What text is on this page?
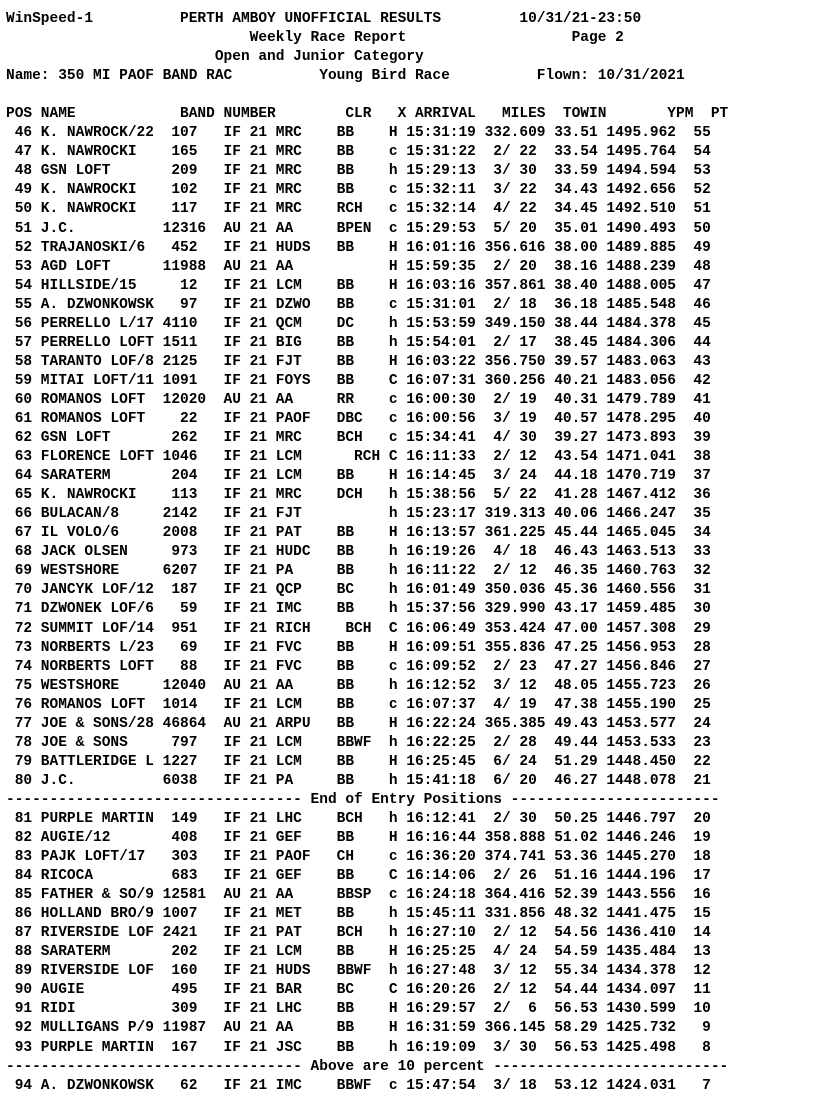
WinSpeed-1          PERTH AMBOY UNOFFICIAL RESULTS         10/31/21-23:50
Weekly Race Report                   Page 2
Open and Junior Category
Name: 350 MI PAOF BAND RAC          Young Bird Race          Flown: 10/31/2021

POS NAME            BAND NUMBER        CLR   X ARRIVAL   MILES  TOWIN       YPM  PT
46 K. NAWROCK/22  107   IF 21 MRC    BB    H 15:31:19 332.609 33.51 1495.962  55
47 K. NAWROCKI    165   IF 21 MRC    BB    c 15:31:22  2/ 22  33.54 1495.764  54
48 GSN LOFT       209   IF 21 MRC    BB    h 15:29:13  3/ 30  33.59 1494.594  53
49 K. NAWROCKI    102   IF 21 MRC    BB    c 15:32:11  3/ 22  34.43 1492.656  52
50 K. NAWROCKI    117   IF 21 MRC    RCH   c 15:32:14  4/ 22  34.45 1492.510  51
51 J.C.          12316  AU 21 AA     BPEN  c 15:29:53  5/ 20  35.01 1490.493  50
52 TRAJANOSKI/6   452   IF 21 HUDS   BB    H 16:01:16 356.616 38.00 1489.885  49
53 AGD LOFT      11988  AU 21 AA           H 15:59:35  2/ 20  38.16 1488.239  48
54 HILLSIDE/15     12   IF 21 LCM    BB    H 16:03:16 357.861 38.40 1488.005  47
55 A. DZWONKOWSK   97   IF 21 DZWO   BB    c 15:31:01  2/ 18  36.18 1485.548  46
56 PERRELLO L/17 4110   IF 21 QCM    DC    h 15:53:59 349.150 38.44 1484.378  45
57 PERRELLO LOFT 1511   IF 21 BIG    BB    h 15:54:01  2/ 17  38.45 1484.306  44
58 TARANTO LOF/8 2125   IF 21 FJT    BB    H 16:03:22 356.750 39.57 1483.063  43
59 MITAI LOFT/11 1091   IF 21 FOYS   BB    C 16:07:31 360.256 40.21 1483.056  42
60 ROMANOS LOFT  12020  AU 21 AA     RR    c 16:00:30  2/ 19  40.31 1479.789  41
61 ROMANOS LOFT    22   IF 21 PAOF   DBC   c 16:00:56  3/ 19  40.57 1478.295  40
62 GSN LOFT       262   IF 21 MRC    BCH   c 15:34:41  4/ 30  39.27 1473.893  39
63 FLORENCE LOFT 1046   IF 21 LCM      RCH C 16:11:33  2/ 12  43.54 1471.041  38
64 SARATERM       204   IF 21 LCM    BB    H 16:14:45  3/ 24  44.18 1470.719  37
65 K. NAWROCKI    113   IF 21 MRC    DCH   h 15:38:56  5/ 22  41.28 1467.412  36
66 BULACAN/8     2142   IF 21 FJT          h 15:23:17 319.313 40.06 1466.247  35
67 IL VOLO/6     2008   IF 21 PAT    BB    H 16:13:57 361.225 45.44 1465.045  34
68 JACK OLSEN     973   IF 21 HUDC   BB    h 16:19:26  4/ 18  46.43 1463.513  33
69 WESTSHORE     6207   IF 21 PA     BB    h 16:11:22  2/ 12  46.35 1460.763  32
70 JANCYK LOF/12  187   IF 21 QCP    BC    h 16:01:49 350.036 45.36 1460.556  31
71 DZWONEK LOF/6   59   IF 21 IMC    BB    h 15:37:56 329.990 43.17 1459.485  30
72 SUMMIT LOF/14  951   IF 21 RICH    BCH  C 16:06:49 353.424 47.00 1457.308  29
73 NORBERTS L/23   69   IF 21 FVC    BB    H 16:09:51 355.836 47.25 1456.953  28
74 NORBERTS LOFT   88   IF 21 FVC    BB    c 16:09:52  2/ 23  47.27 1456.846  27
75 WESTSHORE     12040  AU 21 AA     BB    h 16:12:52  3/ 12  48.05 1455.723  26
76 ROMANOS LOFT  1014   IF 21 LCM    BB    c 16:07:37  4/ 19  47.38 1455.190  25
77 JOE & SONS/28 46864  AU 21 ARPU   BB    H 16:22:24 365.385 49.43 1453.577  24
78 JOE & SONS     797   IF 21 LCM    BBWF  h 16:22:25  2/ 28  49.44 1453.533  23
79 BATTLERIDGE L 1227   IF 21 LCM    BB    H 16:25:45  6/ 24  51.29 1448.450  22
80 J.C.          6038   IF 21 PA     BB    h 15:41:18  6/ 20  46.27 1448.078  21
---------------------------------- End of Entry Positions ------------------------
81 PURPLE MARTIN  149   IF 21 LHC    BCH   h 16:12:41  2/ 30  50.25 1446.797  20
82 AUGIE/12       408   IF 21 GEF    BB    H 16:16:44 358.888 51.02 1446.246  19
83 PAJK LOFT/17   303   IF 21 PAOF   CH    c 16:36:20 374.741 53.36 1445.270  18
84 RICOCA         683   IF 21 GEF    BB    C 16:14:06  2/ 26  51.16 1444.196  17
85 FATHER & SO/9 12581  AU 21 AA     BBSP  c 16:24:18 364.416 52.39 1443.556  16
86 HOLLAND BRO/9 1007   IF 21 MET    BB    h 15:45:11 331.856 48.32 1441.475  15
87 RIVERSIDE LOF 2421   IF 21 PAT    BCH   h 16:27:10  2/ 12  54.56 1436.410  14
88 SARATERM       202   IF 21 LCM    BB    H 16:25:25  4/ 24  54.59 1435.484  13
89 RIVERSIDE LOF  160   IF 21 HUDS   BBWF  h 16:27:48  3/ 12  55.34 1434.378  12
90 AUGIE          495   IF 21 BAR    BC    C 16:20:26  2/ 12  54.44 1434.097  11
91 RIDI           309   IF 21 LHC    BB    H 16:29:57  2/  6  56.53 1430.599  10
92 MULLIGANS P/9 11987  AU 21 AA     BB    H 16:31:59 366.145 58.29 1425.732   9
93 PURPLE MARTIN  167   IF 21 JSC    BB    h 16:19:09  3/ 30  56.53 1425.498   8
---------------------------------- Above are 10 percent ---------------------------
94 A. DZWONKOWSK   62   IF 21 IMC    BBWF  c 15:47:54  3/ 18  53.12 1424.031   7
